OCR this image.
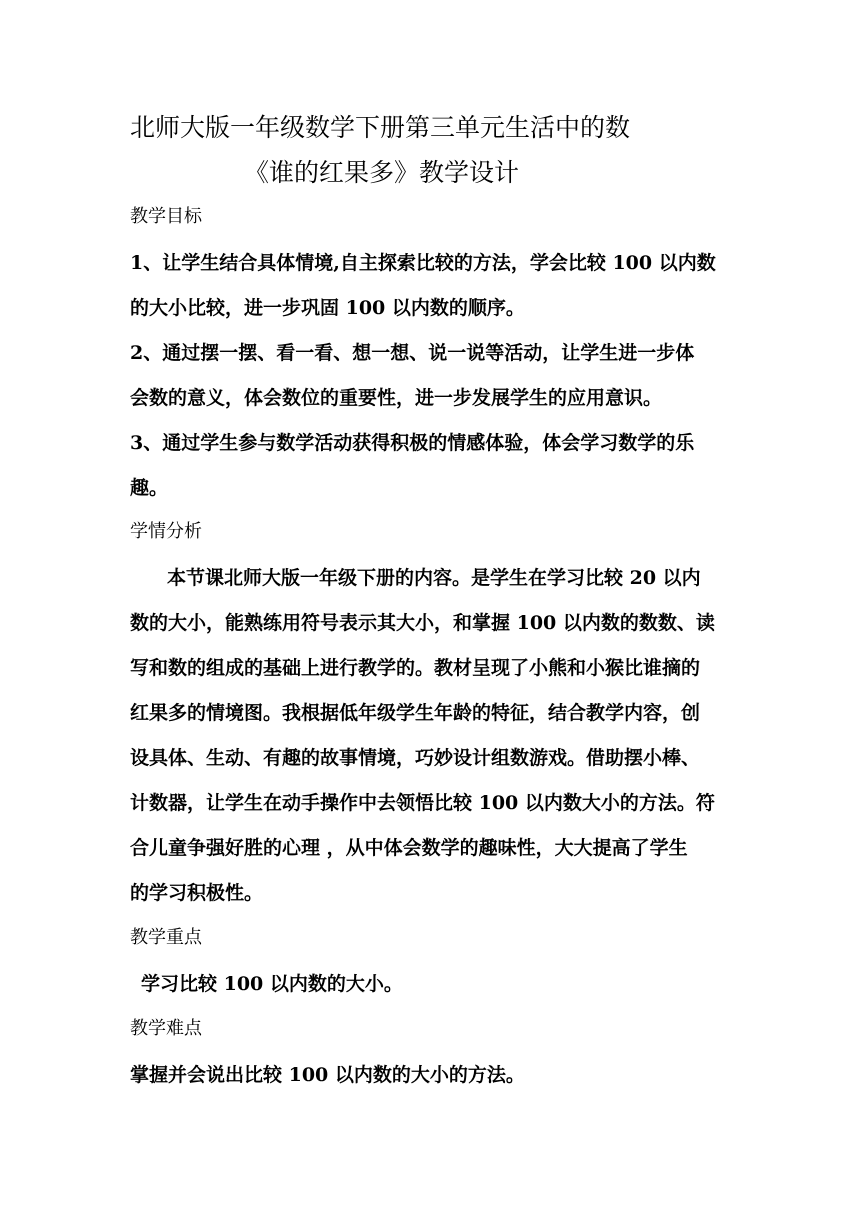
北师大版一年级数学下册第三单元生活中的数
《谁的红果多》教学设计
教学目标
1、让学生结合具体情境,自主探索比较的方法，学会比较 100 以内数
的大小比较，进一步巩固 100 以内数的顺序。
2、通过摆一摆、看一看、想一想、说一说等活动，让学生进一步体
会数的意义，体会数位的重要性，进一步发展学生的应用意识。
3、通过学生参与数学活动获得积极的情感体验，体会学习数学的乐
趣。
学情分析
本节课北师大版一年级下册的内容。是学生在学习比较 20 以内
数的大小，能熟练用符号表示其大小，和掌握 100 以内数的数数、读
写和数的组成的基础上进行教学的。教材呈现了小熊和小猴比谁摘的
红果多的情境图。我根据低年级学生年龄的特征，结合教学内容，创
设具体、生动、有趣的故事情境，巧妙设计组数游戏。借助摆小棒、
计数器，让学生在动手操作中去领悟比较 100 以内数大小的方法。符
合儿童争强好胜的心理 ，从中体会数学的趣味性，大大提高了学生
的学习积极性。
教学重点
学习比较 100 以内数的大小。
教学难点
掌握并会说出比较 100 以内数的大小的方法。
